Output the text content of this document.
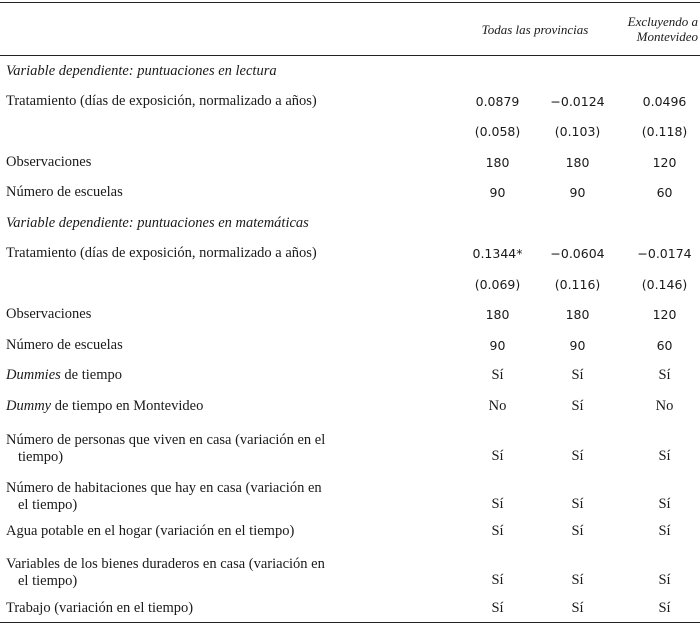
	Todas las provincias		Excluyendo a Montevideo
Variable dependiente: puntuaciones en lectura			
Tratamiento (días de exposición, normalizado a años)	0.0879	−0.0124	0.0496
	(0.058)	(0.103)	(0.118)
Observaciones	180	180	120
Número de escuelas	90	90	60
Variable dependiente: puntuaciones en matemáticas			
Tratamiento (días de exposición, normalizado a años)	0.1344*	−0.0604	−0.0174
	(0.069)	(0.116)	(0.146)
Observaciones	180	180	120
Número de escuelas	90	90	60
Dummies de tiempo	Sí	Sí	Sí
Dummy de tiempo en Montevideo	No	Sí	No
Número de personas que viven en casa (variación en el
tiempo)	Sí	Sí	Sí
Número de habitaciones que hay en casa (variación en
el tiempo)	Sí	Sí	Sí
Agua potable en el hogar (variación en el tiempo)	Sí	Sí	Sí
Variables de los bienes duraderos en casa (variación en
el tiempo)	Sí	Sí	Sí
Trabajo (variación en el tiempo)	Sí	Sí	Sí
